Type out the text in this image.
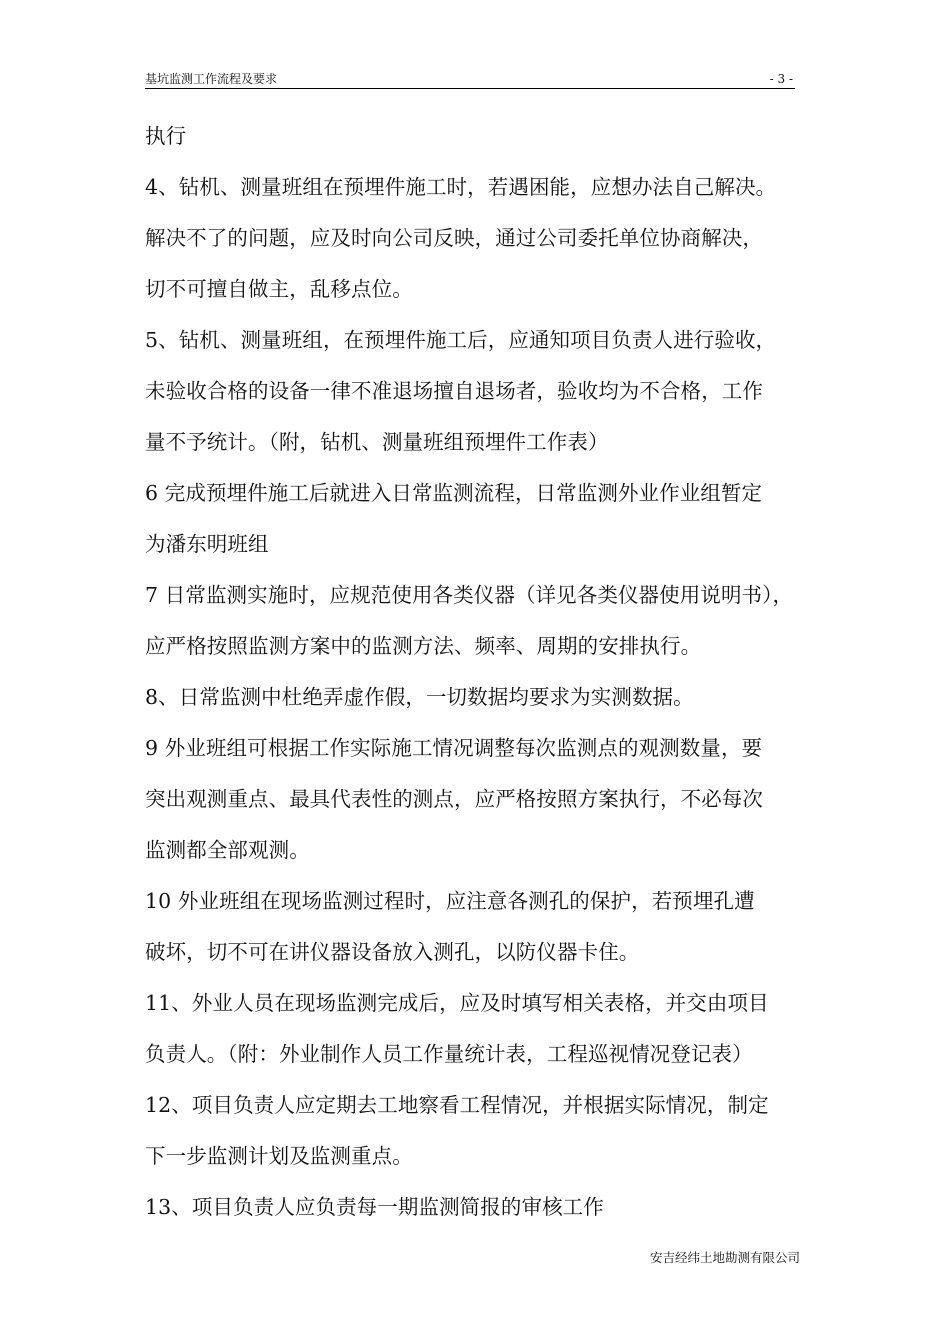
基坑监测工作流程及要求	- 3 -
执行
4、钻机、测量班组在预埋件施工时，若遇困能，应想办法自己解决。
解决不了的问题，应及时向公司反映，通过公司委托单位协商解决，
切不可擅自做主，乱移点位。
5、钻机、测量班组，在预埋件施工后，应通知项目负责人进行验收，
未验收合格的设备一律不准退场擅自退场者，验收均为不合格，工作
量不予统计。（附，钻机、测量班组预埋件工作表）
6 完成预埋件施工后就进入日常监测流程，日常监测外业作业组暂定
为潘东明班组
7 日常监测实施时，应规范使用各类仪器（详见各类仪器使用说明书），
应严格按照监测方案中的监测方法、频率、周期的安排执行。
8、日常监测中杜绝弄虚作假，一切数据均要求为实测数据。
9 外业班组可根据工作实际施工情况调整每次监测点的观测数量，要
突出观测重点、最具代表性的测点，应严格按照方案执行，不必每次
监测都全部观测。
10 外业班组在现场监测过程时，应注意各测孔的保护，若预埋孔遭
破坏，切不可在讲仪器设备放入测孔，以防仪器卡住。
11、外业人员在现场监测完成后，应及时填写相关表格，并交由项目
负责人。（附：外业制作人员工作量统计表，工程巡视情况登记表）
12、项目负责人应定期去工地察看工程情况，并根据实际情况，制定
下一步监测计划及监测重点。
13、项目负责人应负责每一期监测简报的审核工作
安吉经纬土地勘测有限公司
